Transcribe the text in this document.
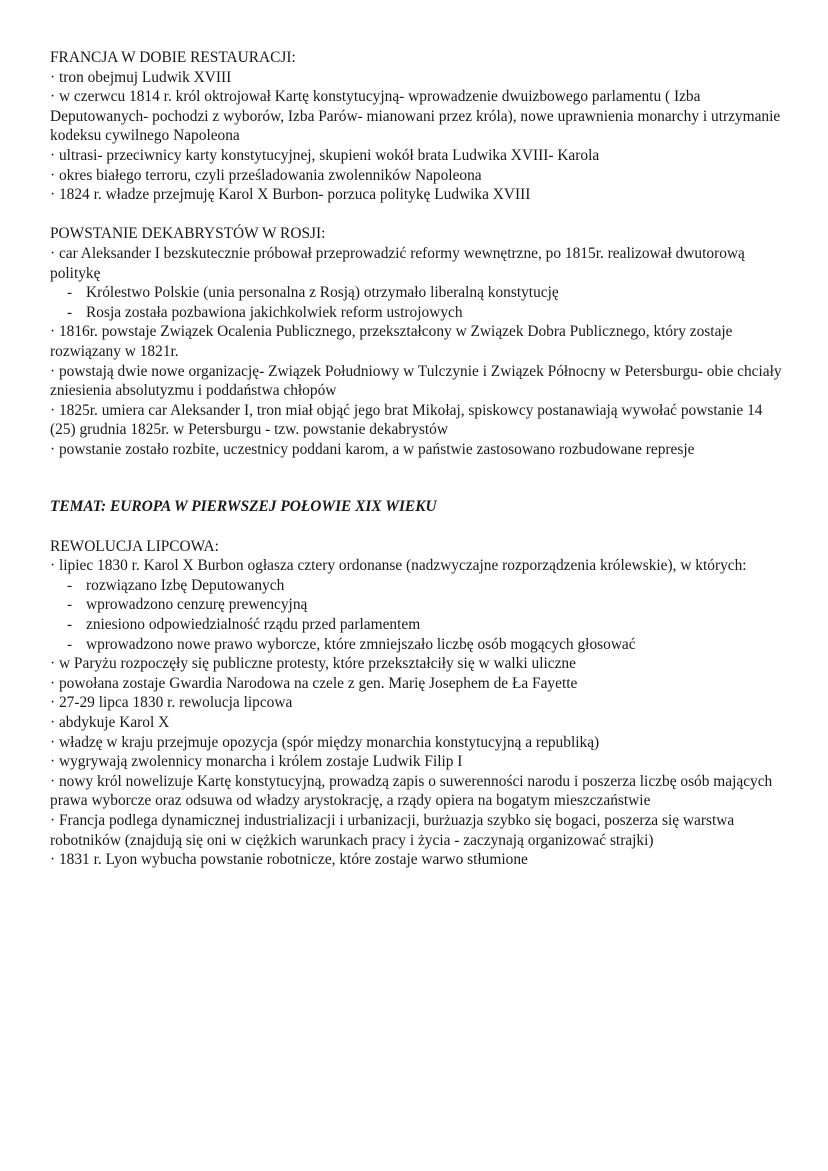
FRANCJA W DOBIE RESTAURACJI:
· tron obejmuj Ludwik XVIII
· w czerwcu 1814 r. król oktrojował Kartę konstytucyjną- wprowadzenie dwuizbowego parlamentu ( Izba Deputowanych- pochodzi z wyborów, Izba Parów- mianowani przez króla), nowe uprawnienia monarchy i utrzymanie kodeksu cywilnego Napoleona
· ultrasi- przeciwnicy karty konstytucyjnej, skupieni wokół brata Ludwika XVIII- Karola
· okres białego terroru, czyli prześladowania zwolenników Napoleona
· 1824 r. władze przejmuję Karol X Burbon- porzuca politykę Ludwika XVIII
POWSTANIE DEKABRYSTÓW W ROSJI:
· car Aleksander I bezskutecznie próbował przeprowadzić reformy wewnętrzne, po 1815r. realizował dwutorową politykę
- Królestwo Polskie (unia personalna z Rosją) otrzymało liberalną konstytucję
- Rosja została pozbawiona jakichkolwiek reform ustrojowych
· 1816r. powstaje Związek Ocalenia Publicznego, przekształcony w Związek Dobra Publicznego, który zostaje rozwiązany w 1821r.
· powstają dwie nowe organizację- Związek Południowy w Tulczynie i Związek Północny w Petersburgu- obie chciały zniesienia absolutyzmu i poddaństwa chłopów
· 1825r. umiera car Aleksander I, tron miał objąć jego brat Mikołaj, spiskowcy postanawiają wywołać powstanie 14 (25) grudnia 1825r. w Petersburgu - tzw. powstanie dekabrystów
· powstanie zostało rozbite, uczestnicy poddani karom, a w państwie zastosowano rozbudowane represje
TEMAT: EUROPA W PIERWSZEJ POŁOWIE XIX WIEKU
REWOLUCJA LIPCOWA:
· lipiec 1830 r. Karol X Burbon ogłasza cztery ordonanse (nadzwyczajne rozporządzenia królewskie), w których:
- rozwiązano Izbę Deputowanych
- wprowadzono cenzurę prewencyjną
- zniesiono odpowiedzialność rządu przed parlamentem
- wprowadzono nowe prawo wyborcze, które zmniejszało liczbę osób mogących głosować
· w Paryżu rozpoczęły się publiczne protesty, które przekształciły się w walki uliczne
· powołana zostaje Gwardia Narodowa na czele z gen. Marię Josephem de Ła Fayette
· 27-29 lipca 1830 r. rewolucja lipcowa
· abdykuje Karol X
· władzę w kraju przejmuje opozycja (spór między monarchia konstytucyjną a republiką)
· wygrywają zwolennicy monarcha i królem zostaje Ludwik Filip I
· nowy król nowelizuje Kartę konstytucyjną, prowadzą zapis o suwerenności narodu i poszerza liczbę osób mających prawa wyborcze oraz odsuwa od władzy arystokrację, a rządy opiera na bogatym mieszczaństwie
· Francja podlega dynamicznej industrializacji i urbanizacji, burżuazja szybko się bogaci, poszerza się warstwa robotników (znajdują się oni w ciężkich warunkach pracy i życia - zaczynają organizować strajki)
· 1831 r. Lyon wybucha powstanie robotnicze, które zostaje warwo stłumione
